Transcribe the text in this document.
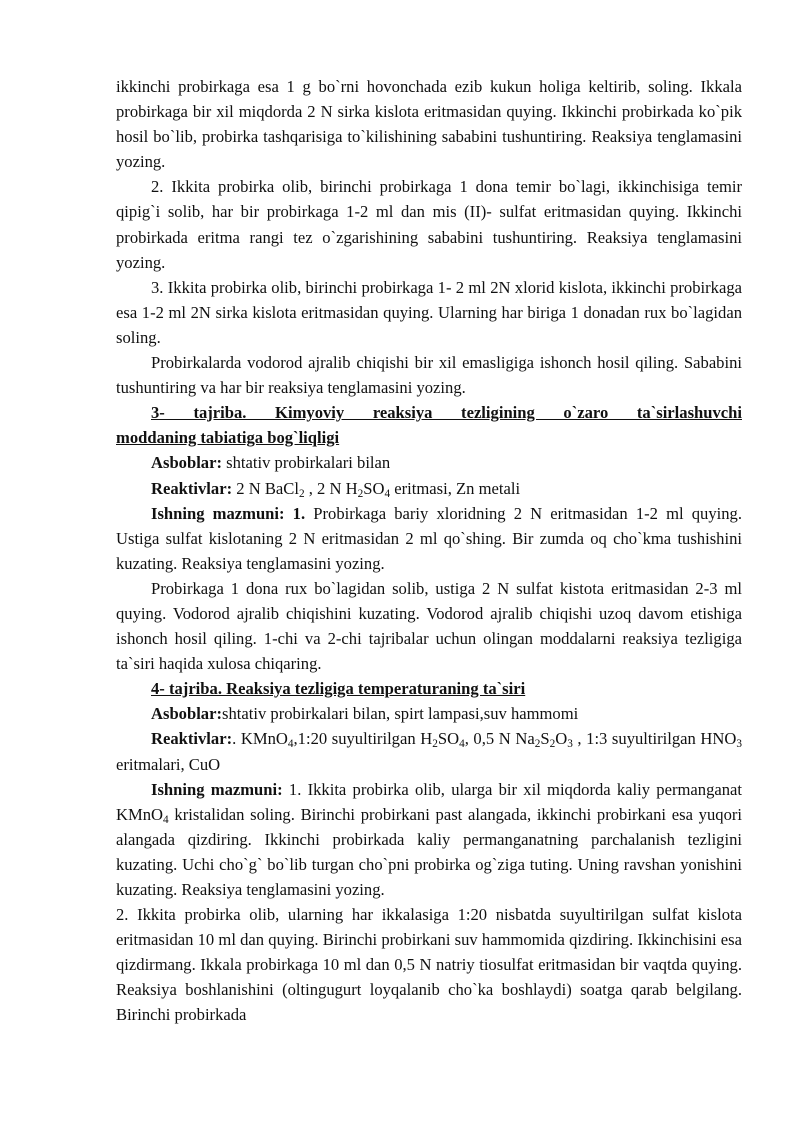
ikkinchi probirkaga esa 1 g bo`rni hovonchada ezib kukun holiga keltirib, soling. Ikkala probirkaga bir xil miqdorda 2 N sirka kislota eritmasidan quying. Ikkinchi probirkada ko`pik hosil bo`lib, probirka tashqarisiga to`kilishining sababini tushuntiring. Reaksiya tenglamasini yozing.

2. Ikkita probirka olib, birinchi probirkaga 1 dona temir bo`lagi, ikkinchisiga temir qipig`i solib, har bir probirkaga 1-2 ml dan mis (II)- sulfat eritmasidan quying. Ikkinchi probirkada eritma rangi tez o`zgarishining sababini tushuntiring. Reaksiya tenglamasini yozing.

3. Ikkita probirka olib, birinchi probirkaga 1- 2 ml 2N xlorid kislota, ikkinchi probirkaga esa 1-2 ml 2N sirka kislota eritmasidan quying. Ularning har biriga 1 donadan rux bo`lagidan soling.

Probirkalarda vodorod ajralib chiqishi bir xil emasligiga ishonch hosil qiling. Sababini tushuntiring va har bir reaksiya tenglamasini yozing.

3- tajriba. Kimyoviy reaksiya tezligining o`zaro ta`sirlashuvchi

moddaning tabiatiga bog`liqligi

Asboblar: shtativ probirkalari bilan

Reaktivlar: 2 N BaCl$_2$ , 2 N $H_2SO_4$ eritmasi, Zn metali

Ishning mazmuni: 1. Probirkaga bariy xloridning 2 N eritmasidan 1-2 ml quying. Ustiga sulfat kislotaning 2 N eritmasidan 2 ml qo`shing. Bir zumda oq cho`kma tushishini kuzating. Reaksiya tenglamasini yozing.

Probirkaga 1 dona rux bo`lagidan solib, ustiga 2 N sulfat kistota eritmasidan 2-3 ml quying. Vodorod ajralib chiqishini kuzating. Vodorod ajralib chiqishi uzoq davom etishiga ishonch hosil qiling. 1-chi va 2-chi tajribalar uchun olingan moddalarni reaksiya tezligiga ta`siri haqida xulosa chiqaring.

4- tajriba. Reaksiya tezligiga temperaturaning ta`siri

Asboblar:shtativ probirkalari bilan, spirt lampasi,suv hammomi

Reaktivlar:. KMnO$_4$,1:20 suyultirilgan $H_2SO_4$, 0,5 N $Na_2S_2O_3$ , 1:3 suyultirilgan $HNO_3$ eritmalari, CuO

Ishning mazmuni: 1. Ikkita probirka olib, ularga bir xil miqdorda kaliy permanganat KMnO$_4$ kristalidan soling. Birinchi probirkani past alangada, ikkinchi probirkani esa yuqori alangada qizdiring. Ikkinchi probirkada kaliy permanganatning parchalanish tezligini kuzating. Uchi cho`g` bo`lib turgan cho`pni probirka og`ziga tuting. Uning ravshan yonishini kuzating. Reaksiya tenglamasini yozing.

2. Ikkita probirka olib, ularning har ikkalasiga 1:20 nisbatda suyultirilgan sulfat kislota eritmasidan 10 ml dan quying. Birinchi probirkani suv hammomida qizdiring. Ikkinchisini esa qizdirmang. Ikkala probirkaga 10 ml dan 0,5 N natriy tiosulfat eritmasidan bir vaqtda quying. Reaksiya boshlanishini (oltingugurt loyqalanib cho`ka boshlaydi) soatga qarab belgilang. Birinchi probirkada
